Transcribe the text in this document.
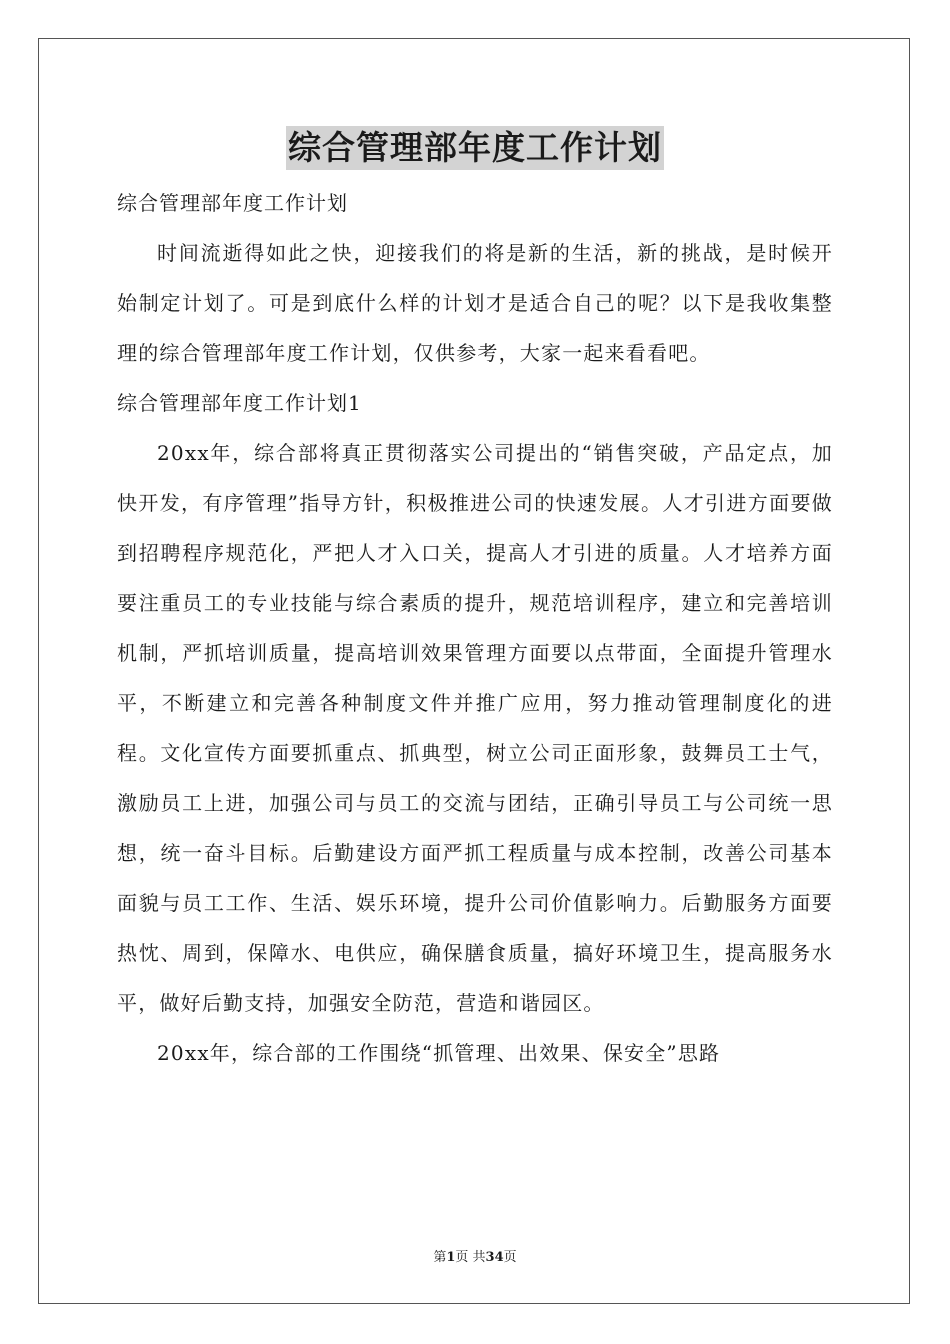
综合管理部年度工作计划

综合管理部年度工作计划

时间流逝得如此之快，迎接我们的将是新的生活，新的挑战，是时候开始制定计划了。可是到底什么样的计划才是适合自己的呢？以下是我收集整理的综合管理部年度工作计划，仅供参考，大家一起来看看吧。

综合管理部年度工作计划1

20xx年，综合部将真正贯彻落实公司提出的“销售突破，产品定点，加快开发，有序管理”指导方针，积极推进公司的快速发展。人才引进方面要做到招聘程序规范化，严把人才入口关，提高人才引进的质量。人才培养方面要注重员工的专业技能与综合素质的提升，规范培训程序，建立和完善培训机制，严抓培训质量，提高培训效果管理方面要以点带面，全面提升管理水平，不断建立和完善各种制度文件并推广应用，努力推动管理制度化的进程。文化宣传方面要抓重点、抓典型，树立公司正面形象，鼓舞员工士气，激励员工上进，加强公司与员工的交流与团结，正确引导员工与公司统一思想，统一奋斗目标。后勤建设方面严抓工程质量与成本控制，改善公司基本面貌与员工工作、生活、娱乐环境，提升公司价值影响力。后勤服务方面要热忱、周到，保障水、电供应，确保膳食质量，搞好环境卫生，提高服务水平，做好后勤支持，加强安全防范，营造和谐园区。

20xx年，综合部的工作围绕“抓管理、出效果、保安全”思路

第1页 共34页
